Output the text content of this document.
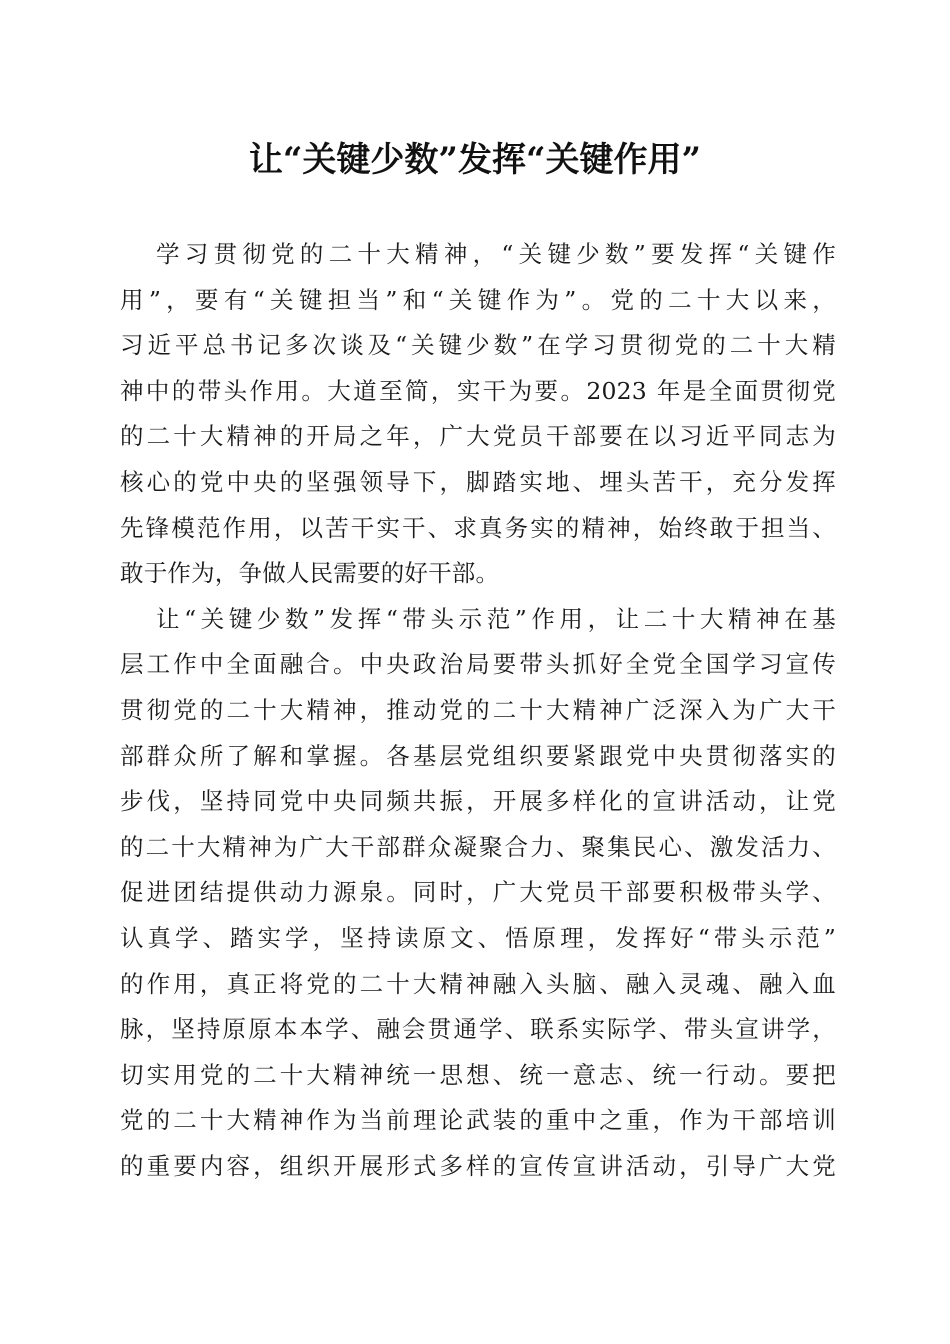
让“关键少数”发挥“关键作用”
学习贯彻党的二十大精神，“关键少数”要发挥“关键作
用”，要有“关键担当”和“关键作为”。党的二十大以来，
习近平总书记多次谈及“关键少数”在学习贯彻党的二十大精
神中的带头作用。大道至简，实干为要。2023 年是全面贯彻党
的二十大精神的开局之年，广大党员干部要在以习近平同志为
核心的党中央的坚强领导下，脚踏实地、埋头苦干，充分发挥
先锋模范作用，以苦干实干、求真务实的精神，始终敢于担当、
敢于作为，争做人民需要的好干部。
让“关键少数”发挥“带头示范”作用，让二十大精神在基
层工作中全面融合。中央政治局要带头抓好全党全国学习宣传
贯彻党的二十大精神，推动党的二十大精神广泛深入为广大干
部群众所了解和掌握。各基层党组织要紧跟党中央贯彻落实的
步伐，坚持同党中央同频共振，开展多样化的宣讲活动，让党
的二十大精神为广大干部群众凝聚合力、聚集民心、激发活力、
促进团结提供动力源泉。同时，广大党员干部要积极带头学、
认真学、踏实学，坚持读原文、悟原理，发挥好“带头示范”
的作用，真正将党的二十大精神融入头脑、融入灵魂、融入血
脉，坚持原原本本学、融会贯通学、联系实际学、带头宣讲学，
切实用党的二十大精神统一思想、统一意志、统一行动。要把
党的二十大精神作为当前理论武装的重中之重，作为干部培训
的重要内容，组织开展形式多样的宣传宣讲活动，引导广大党
